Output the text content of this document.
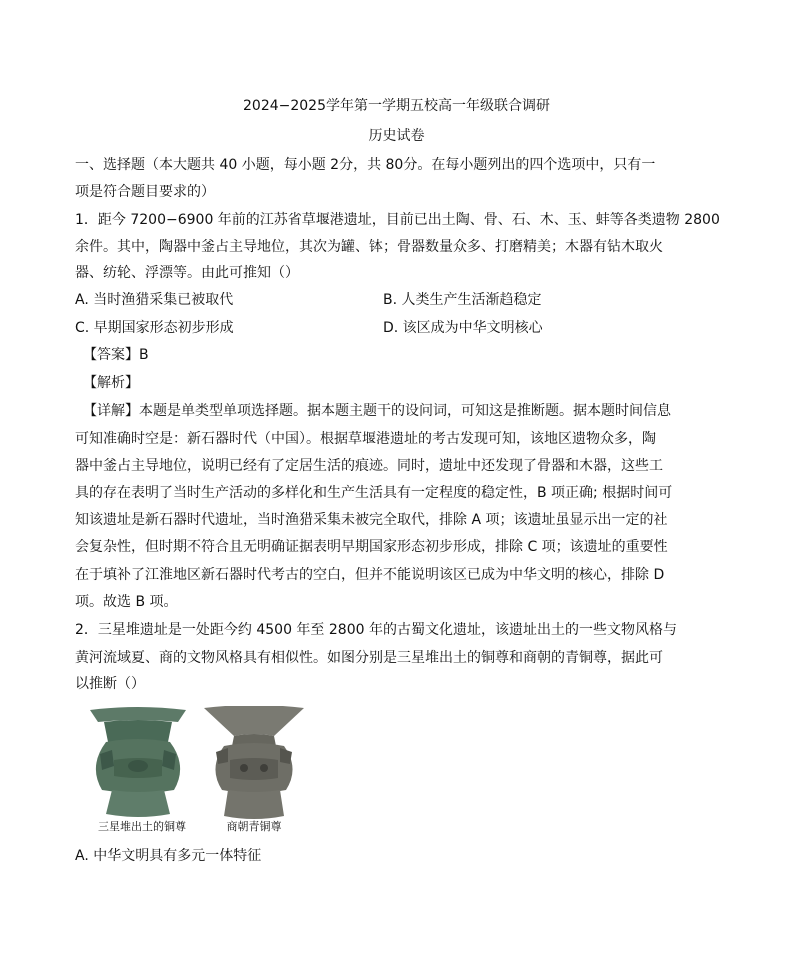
2024−2025学年第一学期五校高一年级联合调研
历史试卷
一、选择题（本大题共 40 小题，每小题 2分，共 80分。在每小题列出的四个选项中，只有一
项是符合题目要求的）
1．距今 7200−6900 年前的江苏省草堰港遗址，目前已出土陶、骨、石、木、玉、蚌等各类遗物 2800
余件。其中，陶器中釜占主导地位，其次为罐、钵；骨器数量众多、打磨精美；木器有钻木取火
器、纺轮、浮漂等。由此可推知（）
A. 当时渔猎采集已被取代	B. 人类生产生活渐趋稳定
C. 早期国家形态初步形成	D. 该区成为中华文明核心
【答案】B
【解析】
【详解】本题是单类型单项选择题。据本题主题干的设问词，可知这是推断题。据本题时间信息
可知准确时空是：新石器时代（中国）。根据草堰港遗址的考古发现可知，该地区遗物众多，陶
器中釜占主导地位，说明已经有了定居生活的痕迹。同时，遗址中还发现了骨器和木器，这些工
具的存在表明了当时生产活动的多样化和生产生活具有一定程度的稳定性，B 项正确; 根据时间可
知该遗址是新石器时代遗址，当时渔猎采集未被完全取代，排除 A 项；该遗址虽显示出一定的社
会复杂性，但时期不符合且无明确证据表明早期国家形态初步形成，排除 C 项；该遗址的重要性
在于填补了江淮地区新石器时代考古的空白，但并不能说明该区已成为中华文明的核心，排除 D
项。故选 B 项。
2．三星堆遗址是一处距今约 4500 年至 2800 年的古蜀文化遗址，该遗址出土的一些文物风格与
黄河流域夏、商的文物风格具有相似性。如图分别是三星堆出土的铜尊和商朝的青铜尊，据此可
以推断（）
三星堆出土的铜尊	商朝青铜尊
A. 中华文明具有多元一体特征
